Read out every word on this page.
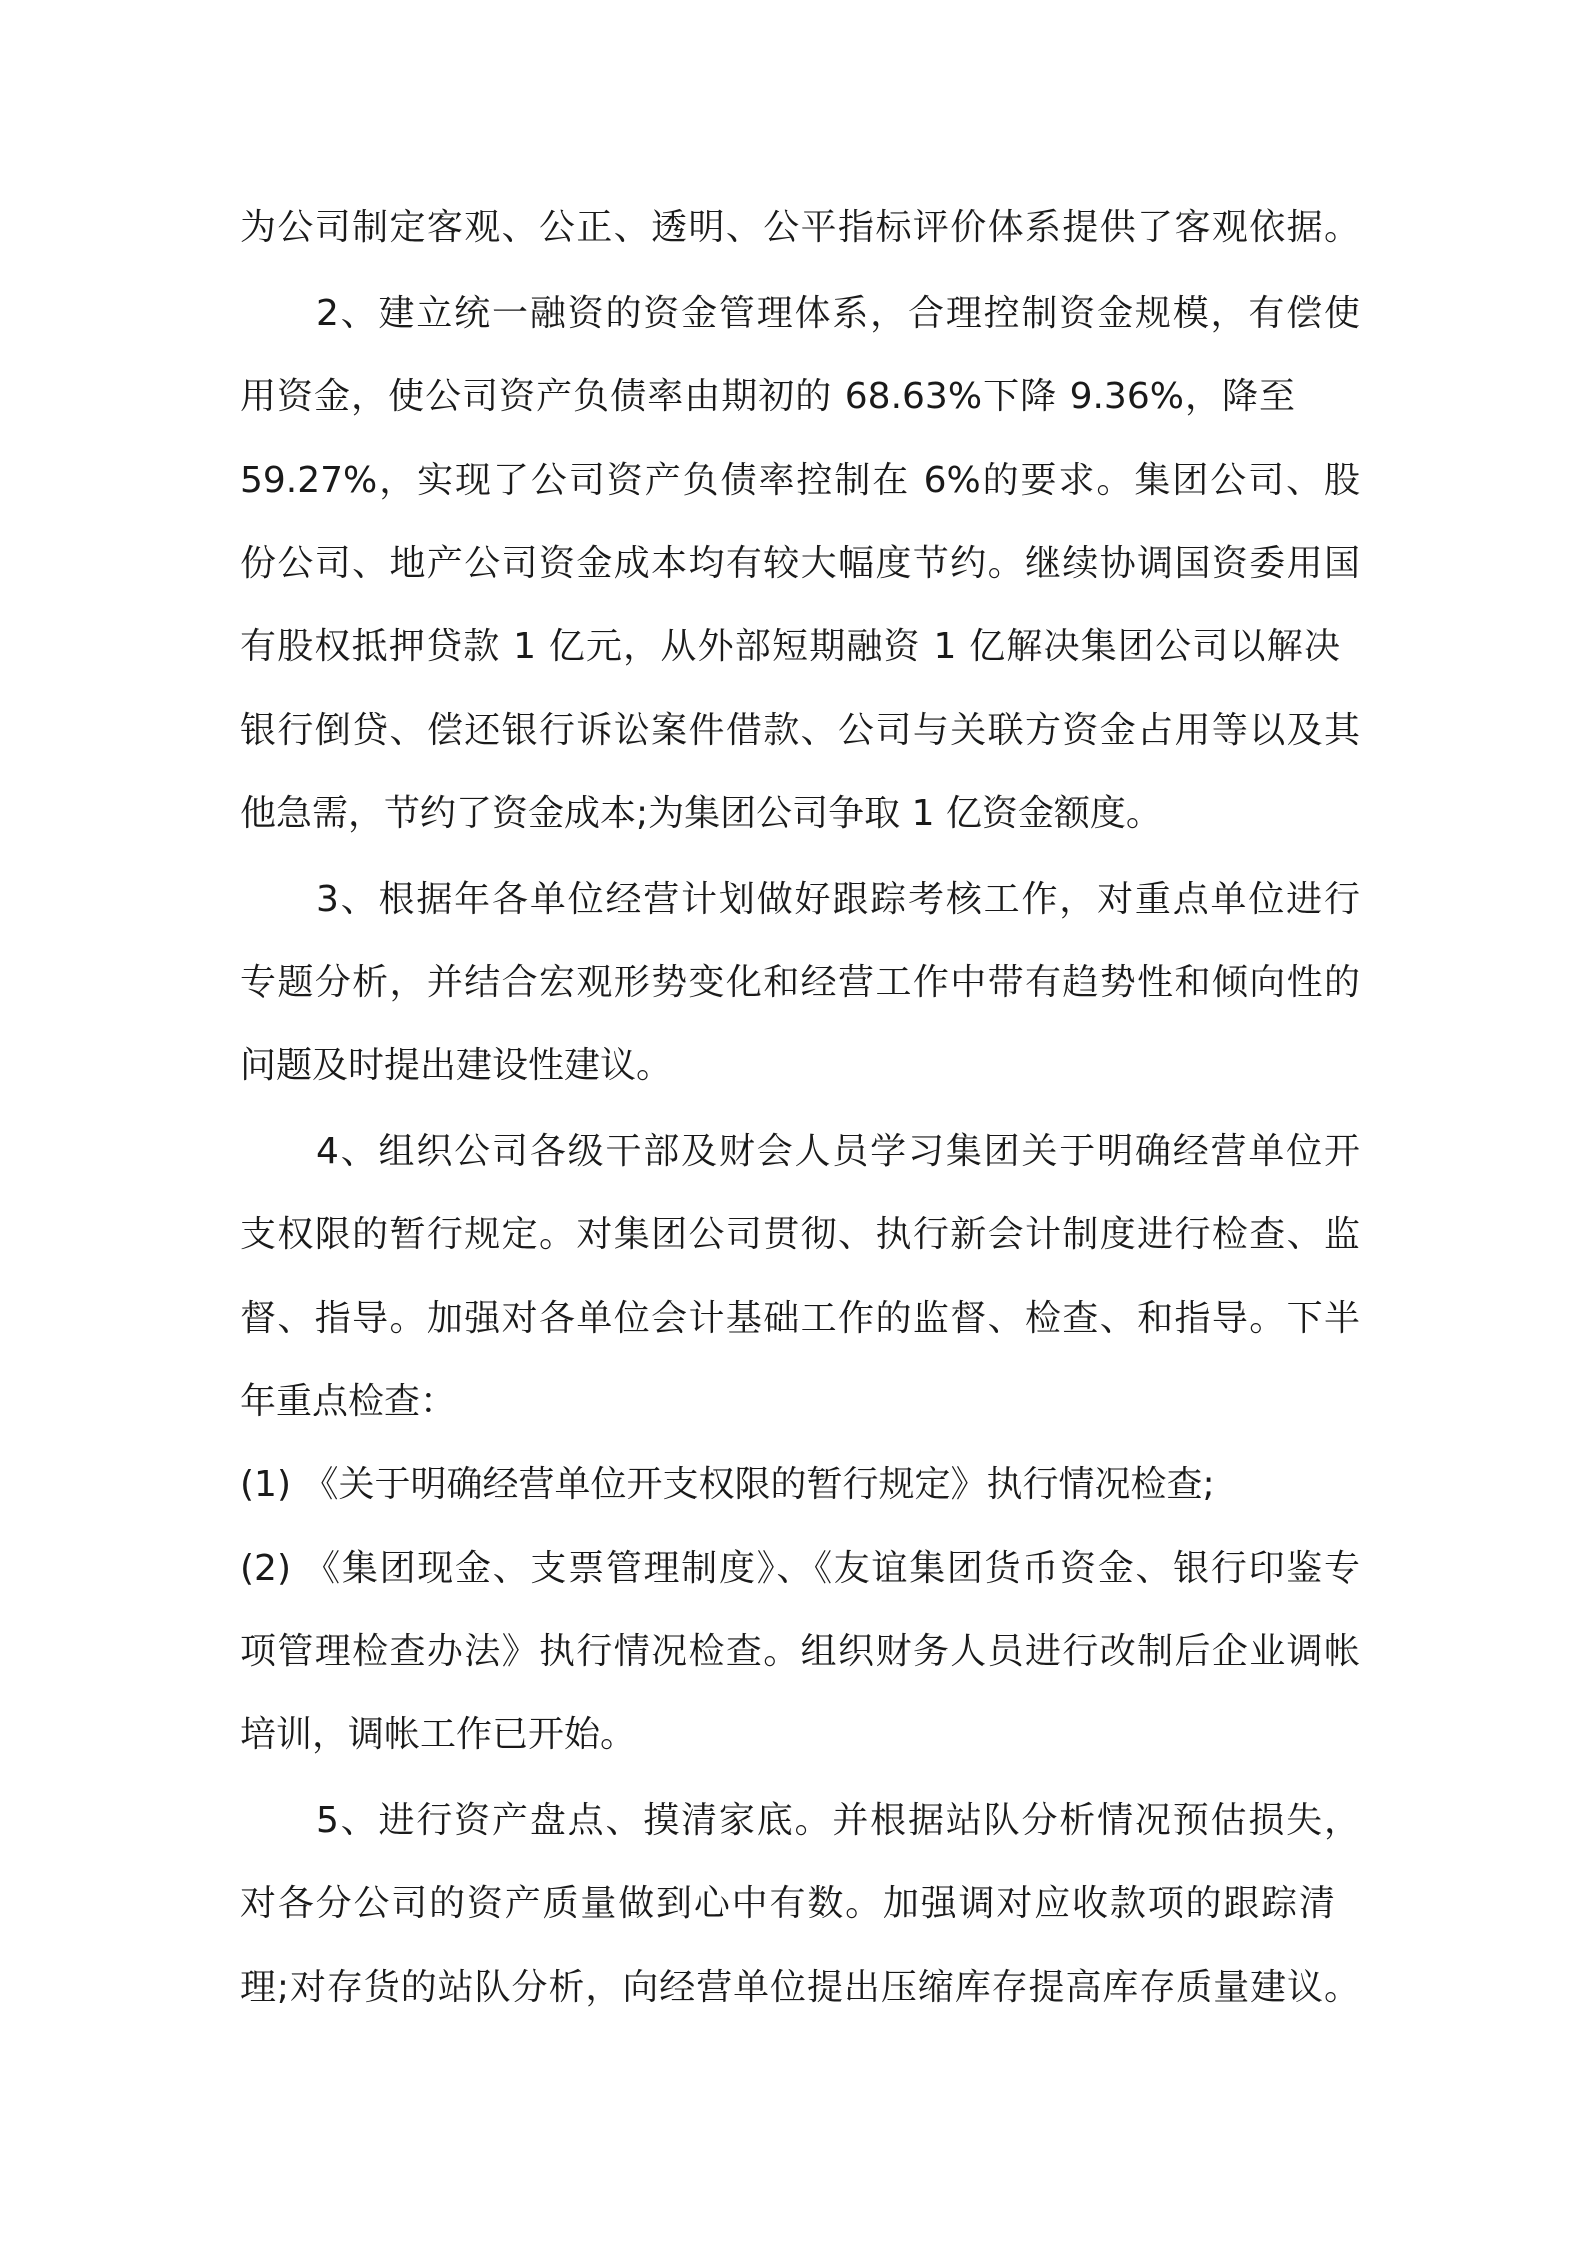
为公司制定客观、公正、透明、公平指标评价体系提供了客观依据。
2、建立统一融资的资金管理体系，合理控制资金规模，有偿使
用资金，使公司资产负债率由期初的 68.63%下降 9.36%，降至
59.27%，实现了公司资产负债率控制在 6%的要求。集团公司、股
份公司、地产公司资金成本均有较大幅度节约。继续协调国资委用国
有股权抵押贷款 1 亿元，从外部短期融资 1 亿解决集团公司以解决
银行倒贷、偿还银行诉讼案件借款、公司与关联方资金占用等以及其
他急需，节约了资金成本;为集团公司争取 1 亿资金额度。
3、根据年各单位经营计划做好跟踪考核工作，对重点单位进行
专题分析，并结合宏观形势变化和经营工作中带有趋势性和倾向性的
问题及时提出建设性建议。
4、组织公司各级干部及财会人员学习集团关于明确经营单位开
支权限的暂行规定。对集团公司贯彻、执行新会计制度进行检查、监
督、指导。加强对各单位会计基础工作的监督、检查、和指导。下半
年重点检查：
(1) 《关于明确经营单位开支权限的暂行规定》执行情况检查;
(2) 《集团现金、支票管理制度》、《友谊集团货币资金、银行印鉴专
项管理检查办法》执行情况检查。组织财务人员进行改制后企业调帐
培训，调帐工作已开始。
5、进行资产盘点、摸清家底。并根据站队分析情况预估损失，
对各分公司的资产质量做到心中有数。加强调对应收款项的跟踪清
理;对存货的站队分析，向经营单位提出压缩库存提高库存质量建议。
